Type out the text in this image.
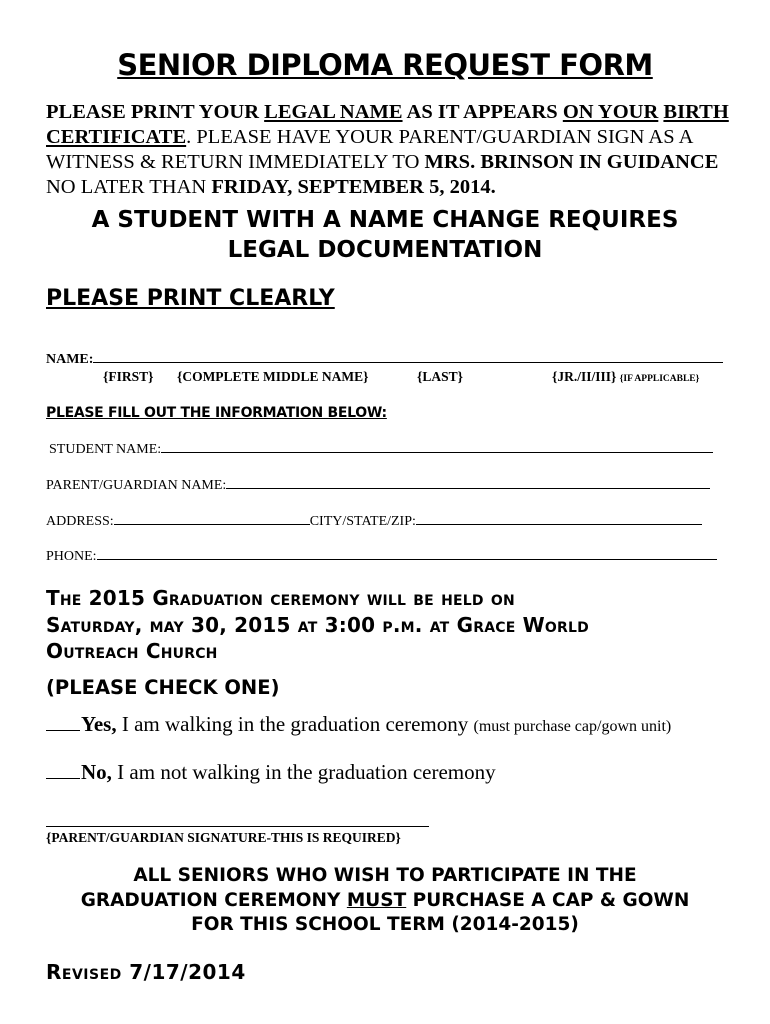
SENIOR DIPLOMA REQUEST FORM
PLEASE PRINT YOUR LEGAL NAME AS IT APPEARS ON YOUR BIRTH CERTIFICATE. PLEASE HAVE YOUR PARENT/GUARDIAN SIGN AS A WITNESS & RETURN IMMEDIATELY TO MRS. BRINSON IN GUIDANCE NO LATER THAN FRIDAY, SEPTEMBER 5, 2014.
A STUDENT WITH A NAME CHANGE REQUIRES
LEGAL DOCUMENTATION
PLEASE PRINT CLEARLY
NAME:
{FIRST} {COMPLETE MIDDLE NAME}	{LAST}	{JR./II/III} {IF APPLICABLE}
PLEASE FILL OUT THE INFORMATION BELOW:
STUDENT NAME:
PARENT/GUARDIAN NAME:
ADDRESS:	CITY/STATE/ZIP:
PHONE:
The 2015 Graduation ceremony will be held on
Saturday, may 30, 2015 at 3:00 p.m. at Grace World
Outreach Church
(PLEASE CHECK ONE)
Yes, I am walking in the graduation ceremony (must purchase cap/gown unit)
No, I am not walking in the graduation ceremony
{PARENT/GUARDIAN SIGNATURE-THIS IS REQUIRED}
ALL SENIORS WHO WISH TO PARTICIPATE IN THE
GRADUATION CEREMONY MUST PURCHASE A CAP & GOWN
FOR THIS SCHOOL TERM (2014-2015)
Revised 7/17/2014
